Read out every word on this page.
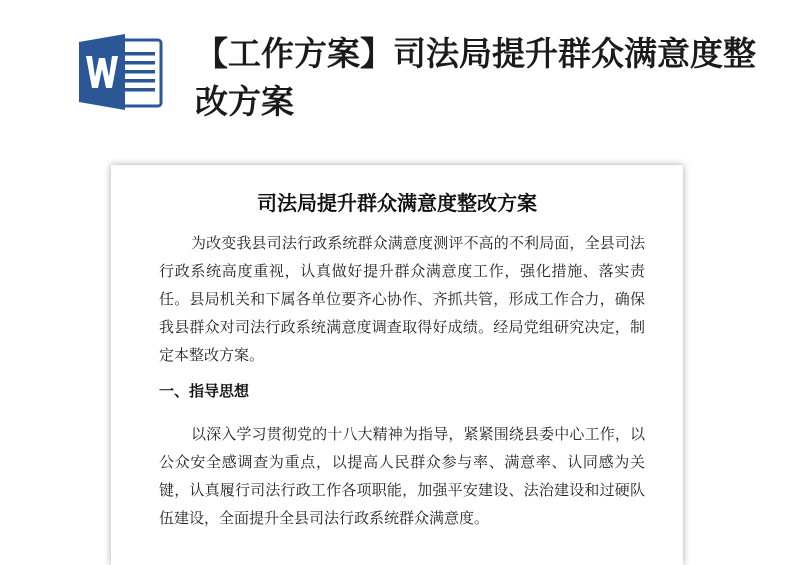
【工作方案】司法局提升群众满意度整改方案
司法局提升群众满意度整改方案

为改变我县司法行政系统群众满意度测评不高的不利局面，全县司法行政系统高度重视，认真做好提升群众满意度工作，强化措施、落实责任。县局机关和下属各单位要齐心协作、齐抓共管，形成工作合力，确保我县群众对司法行政系统满意度调查取得好成绩。经局党组研究决定，制定本整改方案。

一、指导思想

以深入学习贯彻党的十八大精神为指导，紧紧围绕县委中心工作，以公众安全感调查为重点，以提高人民群众参与率、满意率、认同感为关键，认真履行司法行政工作各项职能，加强平安建设、法治建设和过硬队伍建设，全面提升全县司法行政系统群众满意度。
